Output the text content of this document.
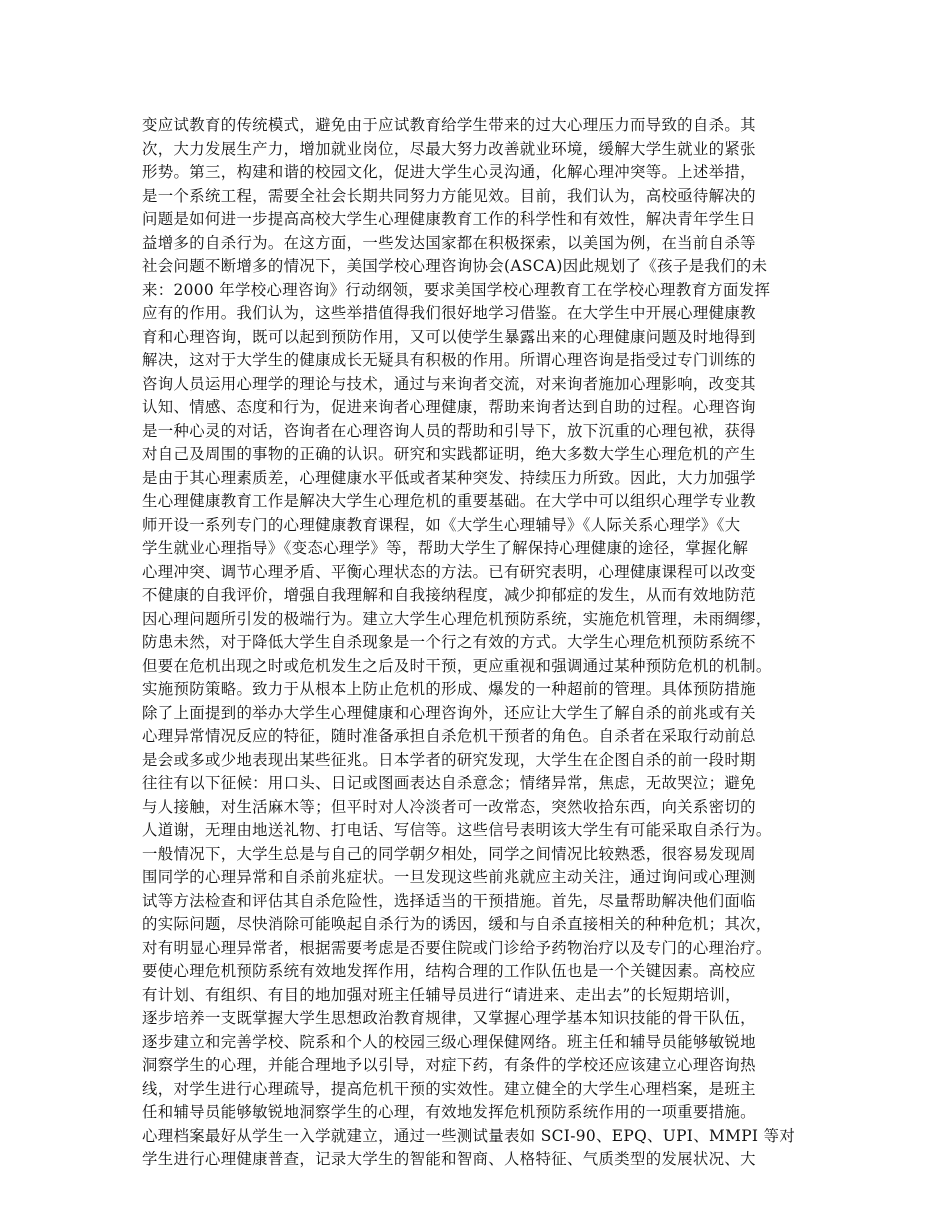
变应试教育的传统模式，避免由于应试教育给学生带来的过大心理压力而导致的自杀。其
次，大力发展生产力，增加就业岗位，尽最大努力改善就业环境，缓解大学生就业的紧张
形势。第三，构建和谐的校园文化，促进大学生心灵沟通，化解心理冲突等。上述举措，
是一个系统工程，需要全社会长期共同努力方能见效。目前，我们认为，高校亟待解决的
问题是如何进一步提高高校大学生心理健康教育工作的科学性和有效性，解决青年学生日
益增多的自杀行为。在这方面，一些发达国家都在积极探索，以美国为例，在当前自杀等
社会问题不断增多的情况下，美国学校心理咨询协会(ASCA)因此规划了《孩子是我们的未
来：2000 年学校心理咨询》行动纲领，要求美国学校心理教育工在学校心理教育方面发挥
应有的作用。我们认为，这些举措值得我们很好地学习借鉴。在大学生中开展心理健康教
育和心理咨询，既可以起到预防作用，又可以使学生暴露出来的心理健康问题及时地得到
解决，这对于大学生的健康成长无疑具有积极的作用。所谓心理咨询是指受过专门训练的
咨询人员运用心理学的理论与技术，通过与来询者交流，对来询者施加心理影响，改变其
认知、情感、态度和行为，促进来询者心理健康，帮助来询者达到自助的过程。心理咨询
是一种心灵的对话，咨询者在心理咨询人员的帮助和引导下，放下沉重的心理包袱，获得
对自己及周围的事物的正确的认识。研究和实践都证明，绝大多数大学生心理危机的产生
是由于其心理素质差，心理健康水平低或者某种突发、持续压力所致。因此，大力加强学
生心理健康教育工作是解决大学生心理危机的重要基础。在大学中可以组织心理学专业教
师开设一系列专门的心理健康教育课程，如《大学生心理辅导》《人际关系心理学》《大
学生就业心理指导》《变态心理学》等，帮助大学生了解保持心理健康的途径，掌握化解
心理冲突、调节心理矛盾、平衡心理状态的方法。已有研究表明，心理健康课程可以改变
不健康的自我评价，增强自我理解和自我接纳程度，减少抑郁症的发生，从而有效地防范
因心理问题所引发的极端行为。建立大学生心理危机预防系统，实施危机管理，未雨绸缪，
防患未然，对于降低大学生自杀现象是一个行之有效的方式。大学生心理危机预防系统不
但要在危机出现之时或危机发生之后及时干预，更应重视和强调通过某种预防危机的机制。
实施预防策略。致力于从根本上防止危机的形成、爆发的一种超前的管理。具体预防措施
除了上面提到的举办大学生心理健康和心理咨询外，还应让大学生了解自杀的前兆或有关
心理异常情况反应的特征，随时准备承担自杀危机干预者的角色。自杀者在采取行动前总
是会或多或少地表现出某些征兆。日本学者的研究发现，大学生在企图自杀的前一段时期
往往有以下征候：用口头、日记或图画表达自杀意念；情绪异常，焦虑，无故哭泣；避免
与人接触，对生活麻木等；但平时对人冷淡者可一改常态，突然收拾东西，向关系密切的
人道谢，无理由地送礼物、打电话、写信等。这些信号表明该大学生有可能采取自杀行为。
一般情况下，大学生总是与自己的同学朝夕相处，同学之间情况比较熟悉，很容易发现周
围同学的心理异常和自杀前兆症状。一旦发现这些前兆就应主动关注，通过询问或心理测
试等方法检查和评估其自杀危险性，选择适当的干预措施。首先，尽量帮助解决他们面临
的实际问题，尽快消除可能唤起自杀行为的诱因，缓和与自杀直接相关的种种危机；其次，
对有明显心理异常者，根据需要考虑是否要住院或门诊给予药物治疗以及专门的心理治疗。
要使心理危机预防系统有效地发挥作用，结构合理的工作队伍也是一个关键因素。高校应
有计划、有组织、有目的地加强对班主任辅导员进行“请进来、走出去”的长短期培训，
逐步培养一支既掌握大学生思想政治教育规律，又掌握心理学基本知识技能的骨干队伍，
逐步建立和完善学校、院系和个人的校园三级心理保健网络。班主任和辅导员能够敏锐地
洞察学生的心理，并能合理地予以引导，对症下药，有条件的学校还应该建立心理咨询热
线，对学生进行心理疏导，提高危机干预的实效性。建立健全的大学生心理档案，是班主
任和辅导员能够敏锐地洞察学生的心理，有效地发挥危机预防系统作用的一项重要措施。
心理档案最好从学生一入学就建立，通过一些测试量表如 SCI-90、EPQ、UPI、MMPI 等对
学生进行心理健康普查，记录大学生的智能和智商、人格特征、气质类型的发展状况、大
